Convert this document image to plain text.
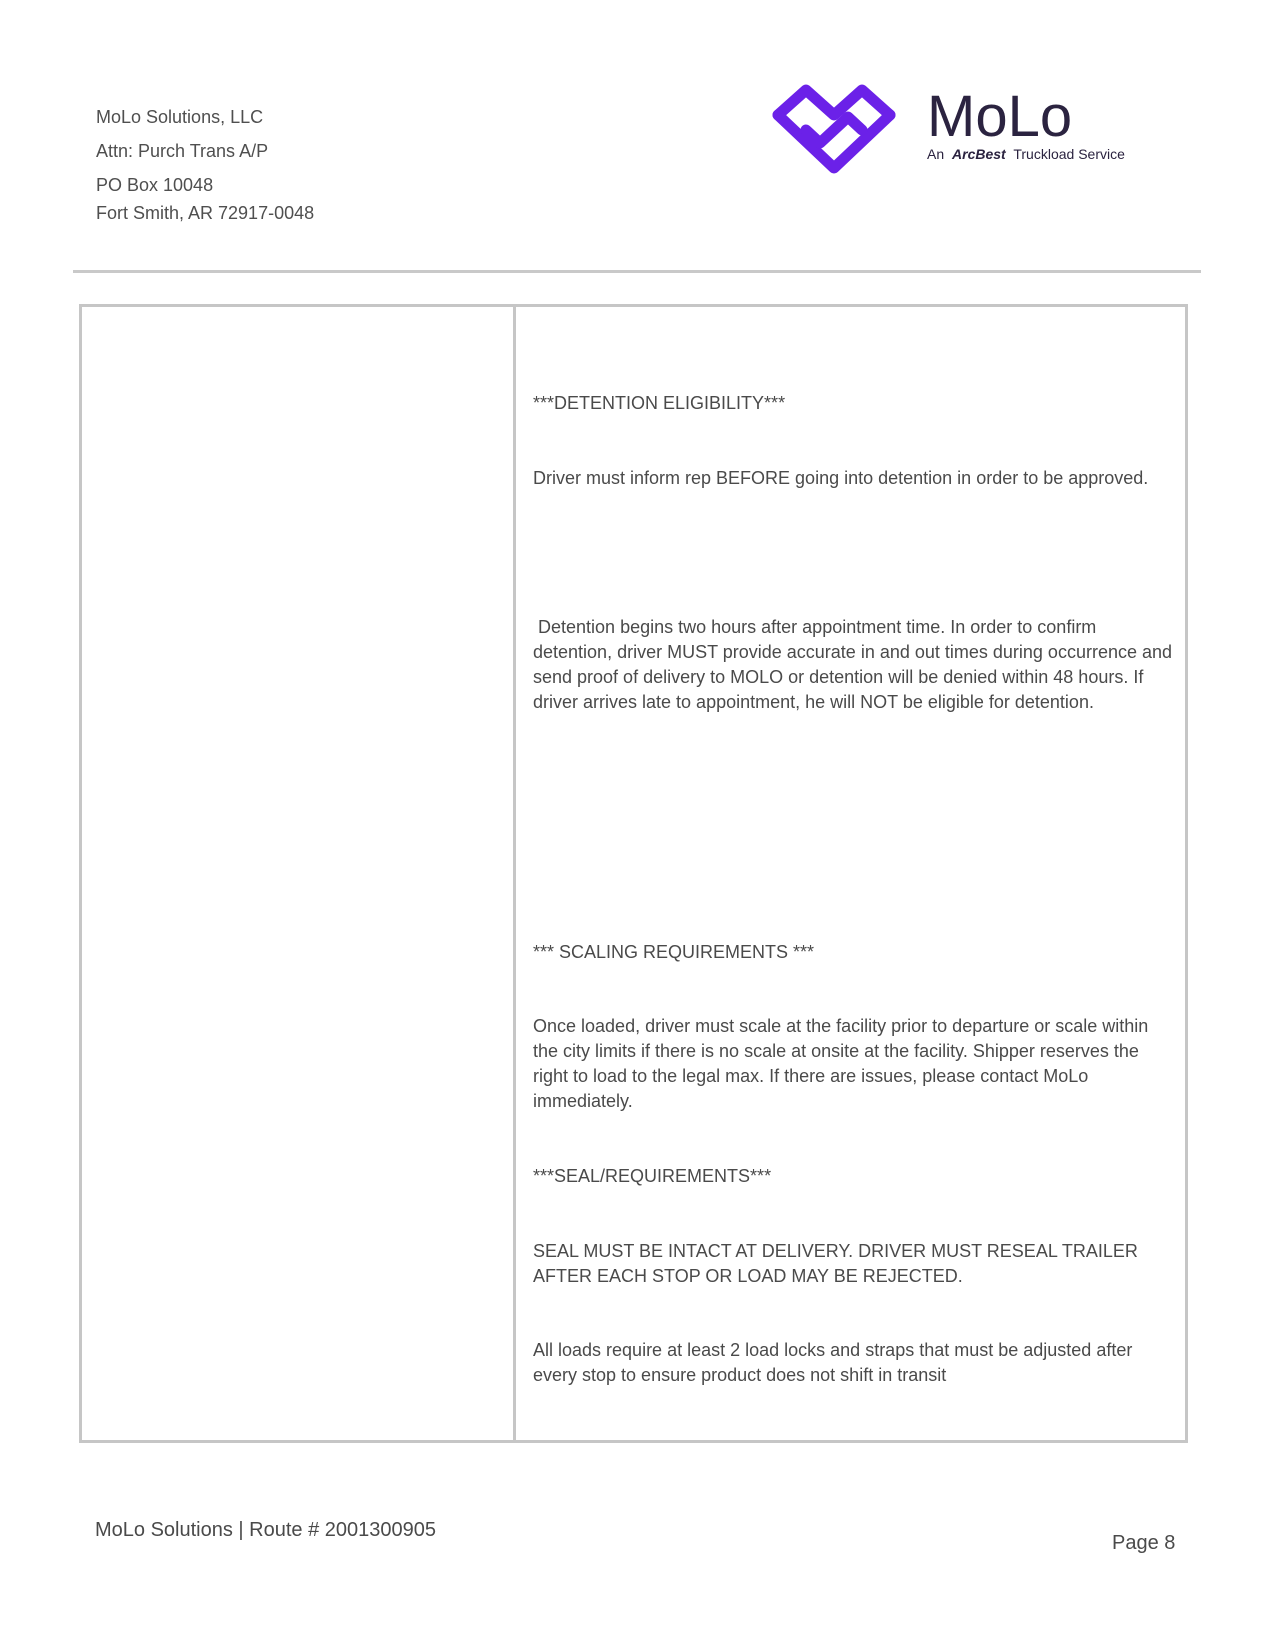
MoLo Solutions, LLC
Attn: Purch Trans A/P
PO Box 10048
Fort Smith, AR 72917-0048
MoLo
An ArcBest Truckload Service
***DETENTION ELIGIBILITY***
Driver must inform rep BEFORE going into detention in order to be approved.
Detention begins two hours after appointment time. In order to confirm detention, driver MUST provide accurate in and out times during occurrence and send proof of delivery to MOLO or detention will be denied within 48 hours. If driver arrives late to appointment, he will NOT be eligible for detention.
*** SCALING REQUIREMENTS ***
Once loaded, driver must scale at the facility prior to departure or scale within the city limits if there is no scale at onsite at the facility. Shipper reserves the right to load to the legal max. If there are issues, please contact MoLo immediately.
***SEAL/REQUIREMENTS***
SEAL MUST BE INTACT AT DELIVERY. DRIVER MUST RESEAL TRAILER AFTER EACH STOP OR LOAD MAY BE REJECTED.
All loads require at least 2 load locks and straps that must be adjusted after every stop to ensure product does not shift in transit
MoLo Solutions | Route # 2001300905
Page 8
